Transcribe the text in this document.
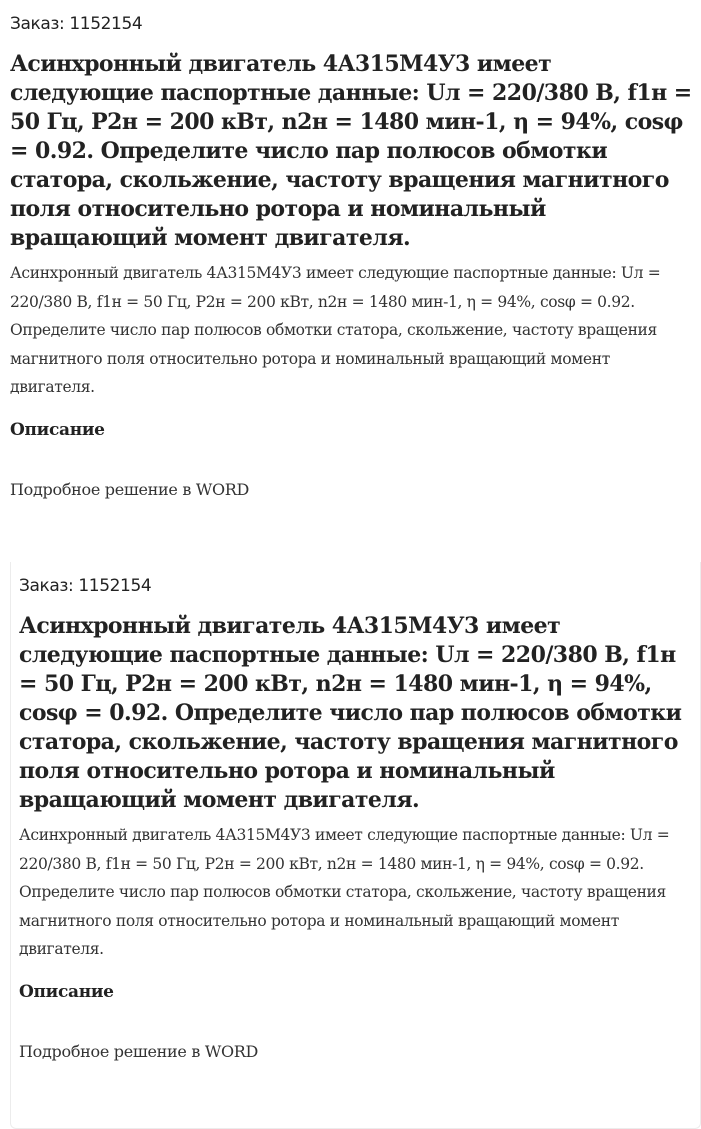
Заказ: 1152154
Асинхронный двигатель 4А315М4У3 имеет следующие паспортные данные: Uл = 220/380 В, f1н = 50 Гц, Р2н = 200 кВт, n2н = 1480 мин-1, η = 94%, cosφ = 0.92. Определите число пар полюсов обмотки статора, скольжение, частоту вращения магнитного поля относительно ротора и номинальный вращающий момент двигателя.

Асинхронный двигатель 4А315М4У3 имеет следующие паспортные данные: Uл = 220/380 В, f1н = 50 Гц, Р2н = 200 кВт, n2н = 1480 мин-1, η = 94%, cosφ = 0.92. Определите число пар полюсов обмотки статора, скольжение, частоту вращения магнитного поля относительно ротора и номинальный вращающий момент двигателя.

Описание

Подробное решение в WORD

Заказ: 1152154
Асинхронный двигатель 4А315М4У3 имеет следующие паспортные данные: Uл = 220/380 В, f1н = 50 Гц, Р2н = 200 кВт, n2н = 1480 мин-1, η = 94%, cosφ = 0.92. Определите число пар полюсов обмотки статора, скольжение, частоту вращения магнитного поля относительно ротора и номинальный вращающий момент двигателя.

Асинхронный двигатель 4А315М4У3 имеет следующие паспортные данные: Uл = 220/380 В, f1н = 50 Гц, Р2н = 200 кВт, n2н = 1480 мин-1, η = 94%, cosφ = 0.92. Определите число пар полюсов обмотки статора, скольжение, частоту вращения магнитного поля относительно ротора и номинальный вращающий момент двигателя.

Описание

Подробное решение в WORD
